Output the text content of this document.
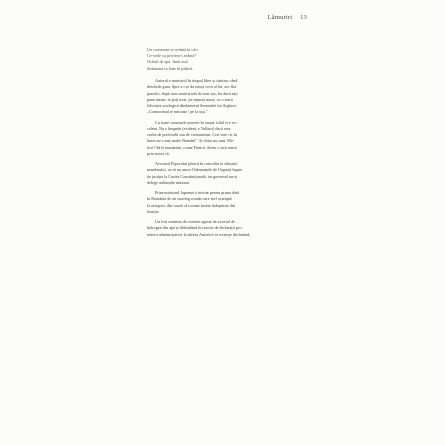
Lămuriri 13
Un cormoran se-avântă în cări.
Ce-vede cu privirea-i ardină?
Ochiul de apă. Imul asal
Strâmatat ce bate în pădină.

Autorul e ministrul în timpul liber și sinistru când
deschide gura. Spre a i se da totuși ceva al lui, are flor
parodic, după cum arată strofa de mai sus, lar dacă ești
pune minte, te poți trezi, pe nepusă masă, cu o mică
felicitare zoologică dindunterul Serenadei lui Arghezi:
„Cormoranul te miroase / pe la ușa.”

Cu toate cusururile poeziei în cauză, titlul ei e ex-
celent. Nu e limpede (evident, e Tulburi) dacă este
vorba de porivealii sau de vizionarism. Cert este că, în
lume nu-s mai multe Români”. Și chiar nu sunt. Mo-
tive? Să le numărăm, coane Fănică. Avem o țară unică
prin aceea că:

Avocatul Poporului pleacă în concediu la sfârșitul
mandatului, ca să nu atace Ordonanțele de Urgență legate
de justiție la Curtea Constituțională, iar guvernul nu-și
delege atribuțiile niminui.

Prim-ministrul Japoniei e invitat pentru prima dată
în România de un omolog român care nu-l așteaptă
la aeroport, din cauză că tocmai fusese îndepărtat din
funcție.

Un fost ministru de externe agasat de excesul de
hidrogen din apă și debordând în reacție de declarații pro-
tenorii administrative la adresa Americii se trezeşte declarând,
